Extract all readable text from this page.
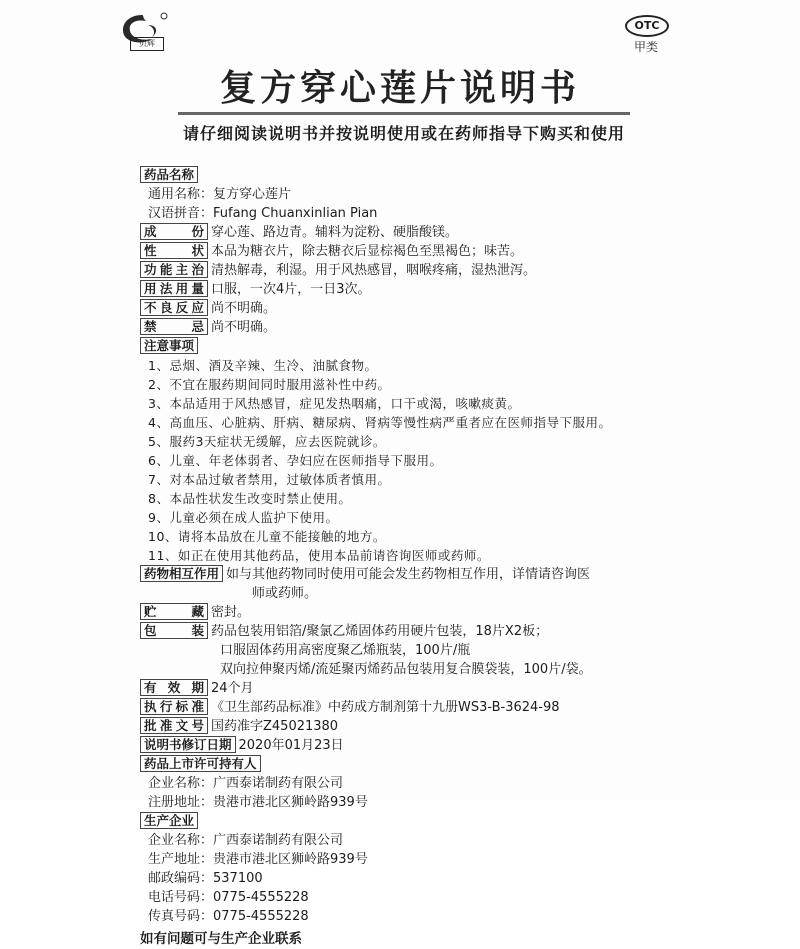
贝辉
OTC
甲类
复方穿心莲片说明书
请仔细阅读说明书并按说明使用或在药师指导下购买和使用
药品名称
通用名称：复方穿心莲片
汉语拼音：Fufang Chuanxinlian Pian
成　　份 穿心莲、路边青。辅料为淀粉、硬脂酸镁。
性　　状 本品为糖衣片，除去糖衣后显棕褐色至黑褐色；味苦。
功能主治 清热解毒，利湿。用于风热感冒，咽喉疼痛，湿热泄泻。
用法用量 口服，一次4片，一日3次。
不良反应 尚不明确。
禁　　忌 尚不明确。
注意事项
1、忌烟、酒及辛辣、生冷、油腻食物。
2、不宜在服药期间同时服用滋补性中药。
3、本品适用于风热感冒，症见发热咽痛，口干或渴，咳嗽痰黄。
4、高血压、心脏病、肝病、糖尿病、肾病等慢性病严重者应在医师指导下服用。
5、服药3天症状无缓解，应去医院就诊。
6、儿童、年老体弱者、孕妇应在医师指导下服用。
7、对本品过敏者禁用，过敏体质者慎用。
8、本品性状发生改变时禁止使用。
9、儿童必须在成人监护下使用。
10、请将本品放在儿童不能接触的地方。
11、如正在使用其他药品，使用本品前请咨询医师或药师。
药物相互作用 如与其他药物同时使用可能会发生药物相互作用，详情请咨询医
师或药师。
贮　　藏 密封。
包　　装 药品包装用铝箔/聚氯乙烯固体药用硬片包装，18片X2板；
口服固体药用高密度聚乙烯瓶装，100片/瓶
双向拉伸聚丙烯/流延聚丙烯药品包装用复合膜袋装，100片/袋。
有 效 期 24个月
执行标准 《卫生部药品标准》中药成方制剂第十九册WS3-B-3624-98
批准文号 国药准字Z45021380
说明书修订日期 2020年01月23日
药品上市许可持有人
企业名称：广西泰诺制药有限公司
注册地址：贵港市港北区狮岭路939号
生产企业
企业名称：广西泰诺制药有限公司
生产地址：贵港市港北区狮岭路939号
邮政编码：537100
电话号码：0775-4555228
传真号码：0775-4555228
如有问题可与生产企业联系
